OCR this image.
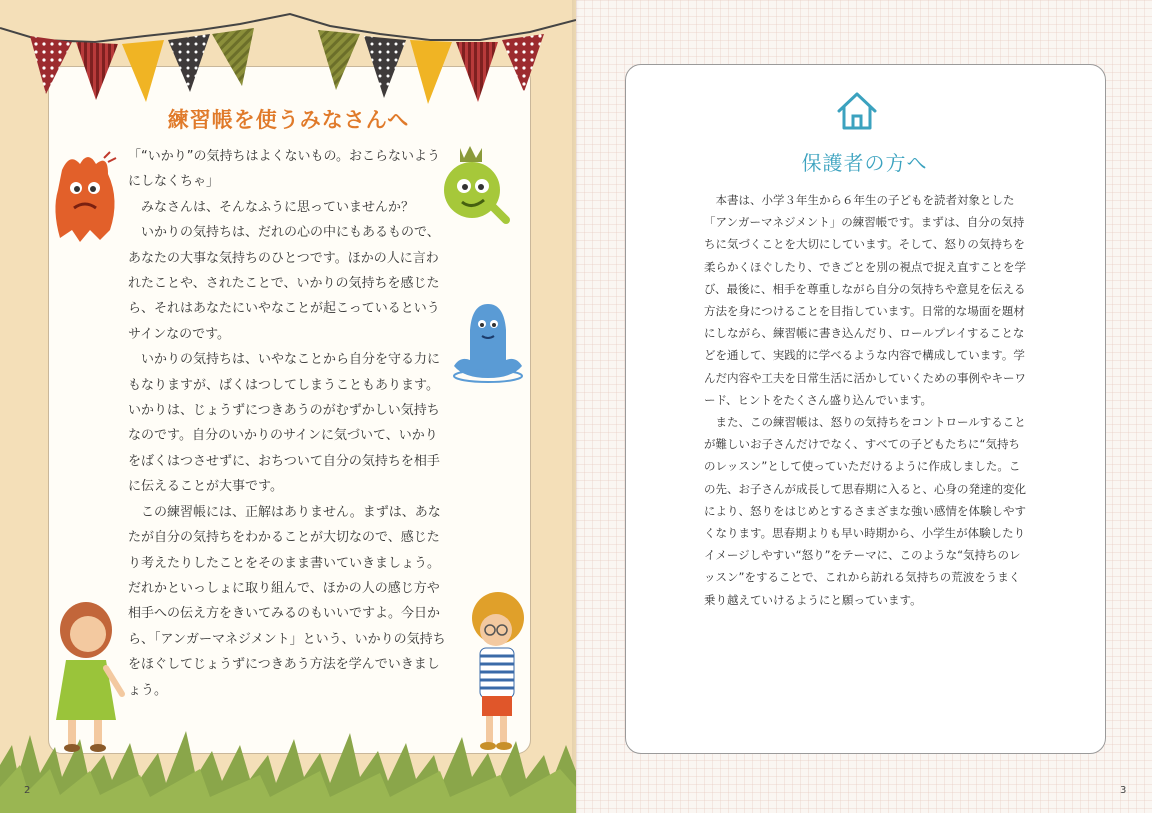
練習帳を使うみなさんへ

「“いかり”の気持ちはよくないもの。おこらないようにしなくちゃ」

みなさんは、そんなふうに思っていませんか？

いかりの気持ちは、だれの心の中にもあるもので、あなたの大事な気持ちのひとつです。ほかの人に言われたことや、されたことで、いかりの気持ちを感じたら、それはあなたにいやなことが起こっているというサインなのです。

いかりの気持ちは、いやなことから自分を守る力にもなりますが、ばくはつしてしまうこともあります。いかりは、じょうずにつきあうのがむずかしい気持ちなのです。自分のいかりのサインに気づいて、いかりをばくはつさせずに、おちついて自分の気持ちを相手に伝えることが大事です。

この練習帳には、正解はありません。まずは、あなたが自分の気持ちをわかることが大切なので、感じたり考えたりしたことをそのまま書いていきましょう。だれかといっしょに取り組んで、ほかの人の感じ方や相手への伝え方をきいてみるのもいいですよ。今日から、「アンガーマネジメント」という、いかりの気持ちをほぐしてじょうずにつきあう方法を学んでいきましょう。

2
保護者の方へ

本書は、小学３年生から６年生の子どもを読者対象とした「アンガーマネジメント」の練習帳です。まずは、自分の気持ちに気づくことを大切にしています。そして、怒りの気持ちを柔らかくほぐしたり、できごとを別の視点で捉え直すことを学び、最後に、相手を尊重しながら自分の気持ちや意見を伝える方法を身につけることを目指しています。日常的な場面を題材にしながら、練習帳に書き込んだり、ロールプレイすることなどを通して、実践的に学べるような内容で構成しています。学んだ内容や工夫を日常生活に活かしていくための事例やキーワード、ヒントをたくさん盛り込んでいます。

また、この練習帳は、怒りの気持ちをコントロールすることが難しいお子さんだけでなく、すべての子どもたちに“気持ちのレッスン”として使っていただけるように作成しました。この先、お子さんが成長して思春期に入ると、心身の発達的変化により、怒りをはじめとするさまざまな強い感情を体験しやすくなります。思春期よりも早い時期から、小学生が体験したりイメージしやすい“怒り”をテーマに、このような“気持ちのレッスン”をすることで、これから訪れる気持ちの荒波をうまく乗り越えていけるようにと願っています。

3
